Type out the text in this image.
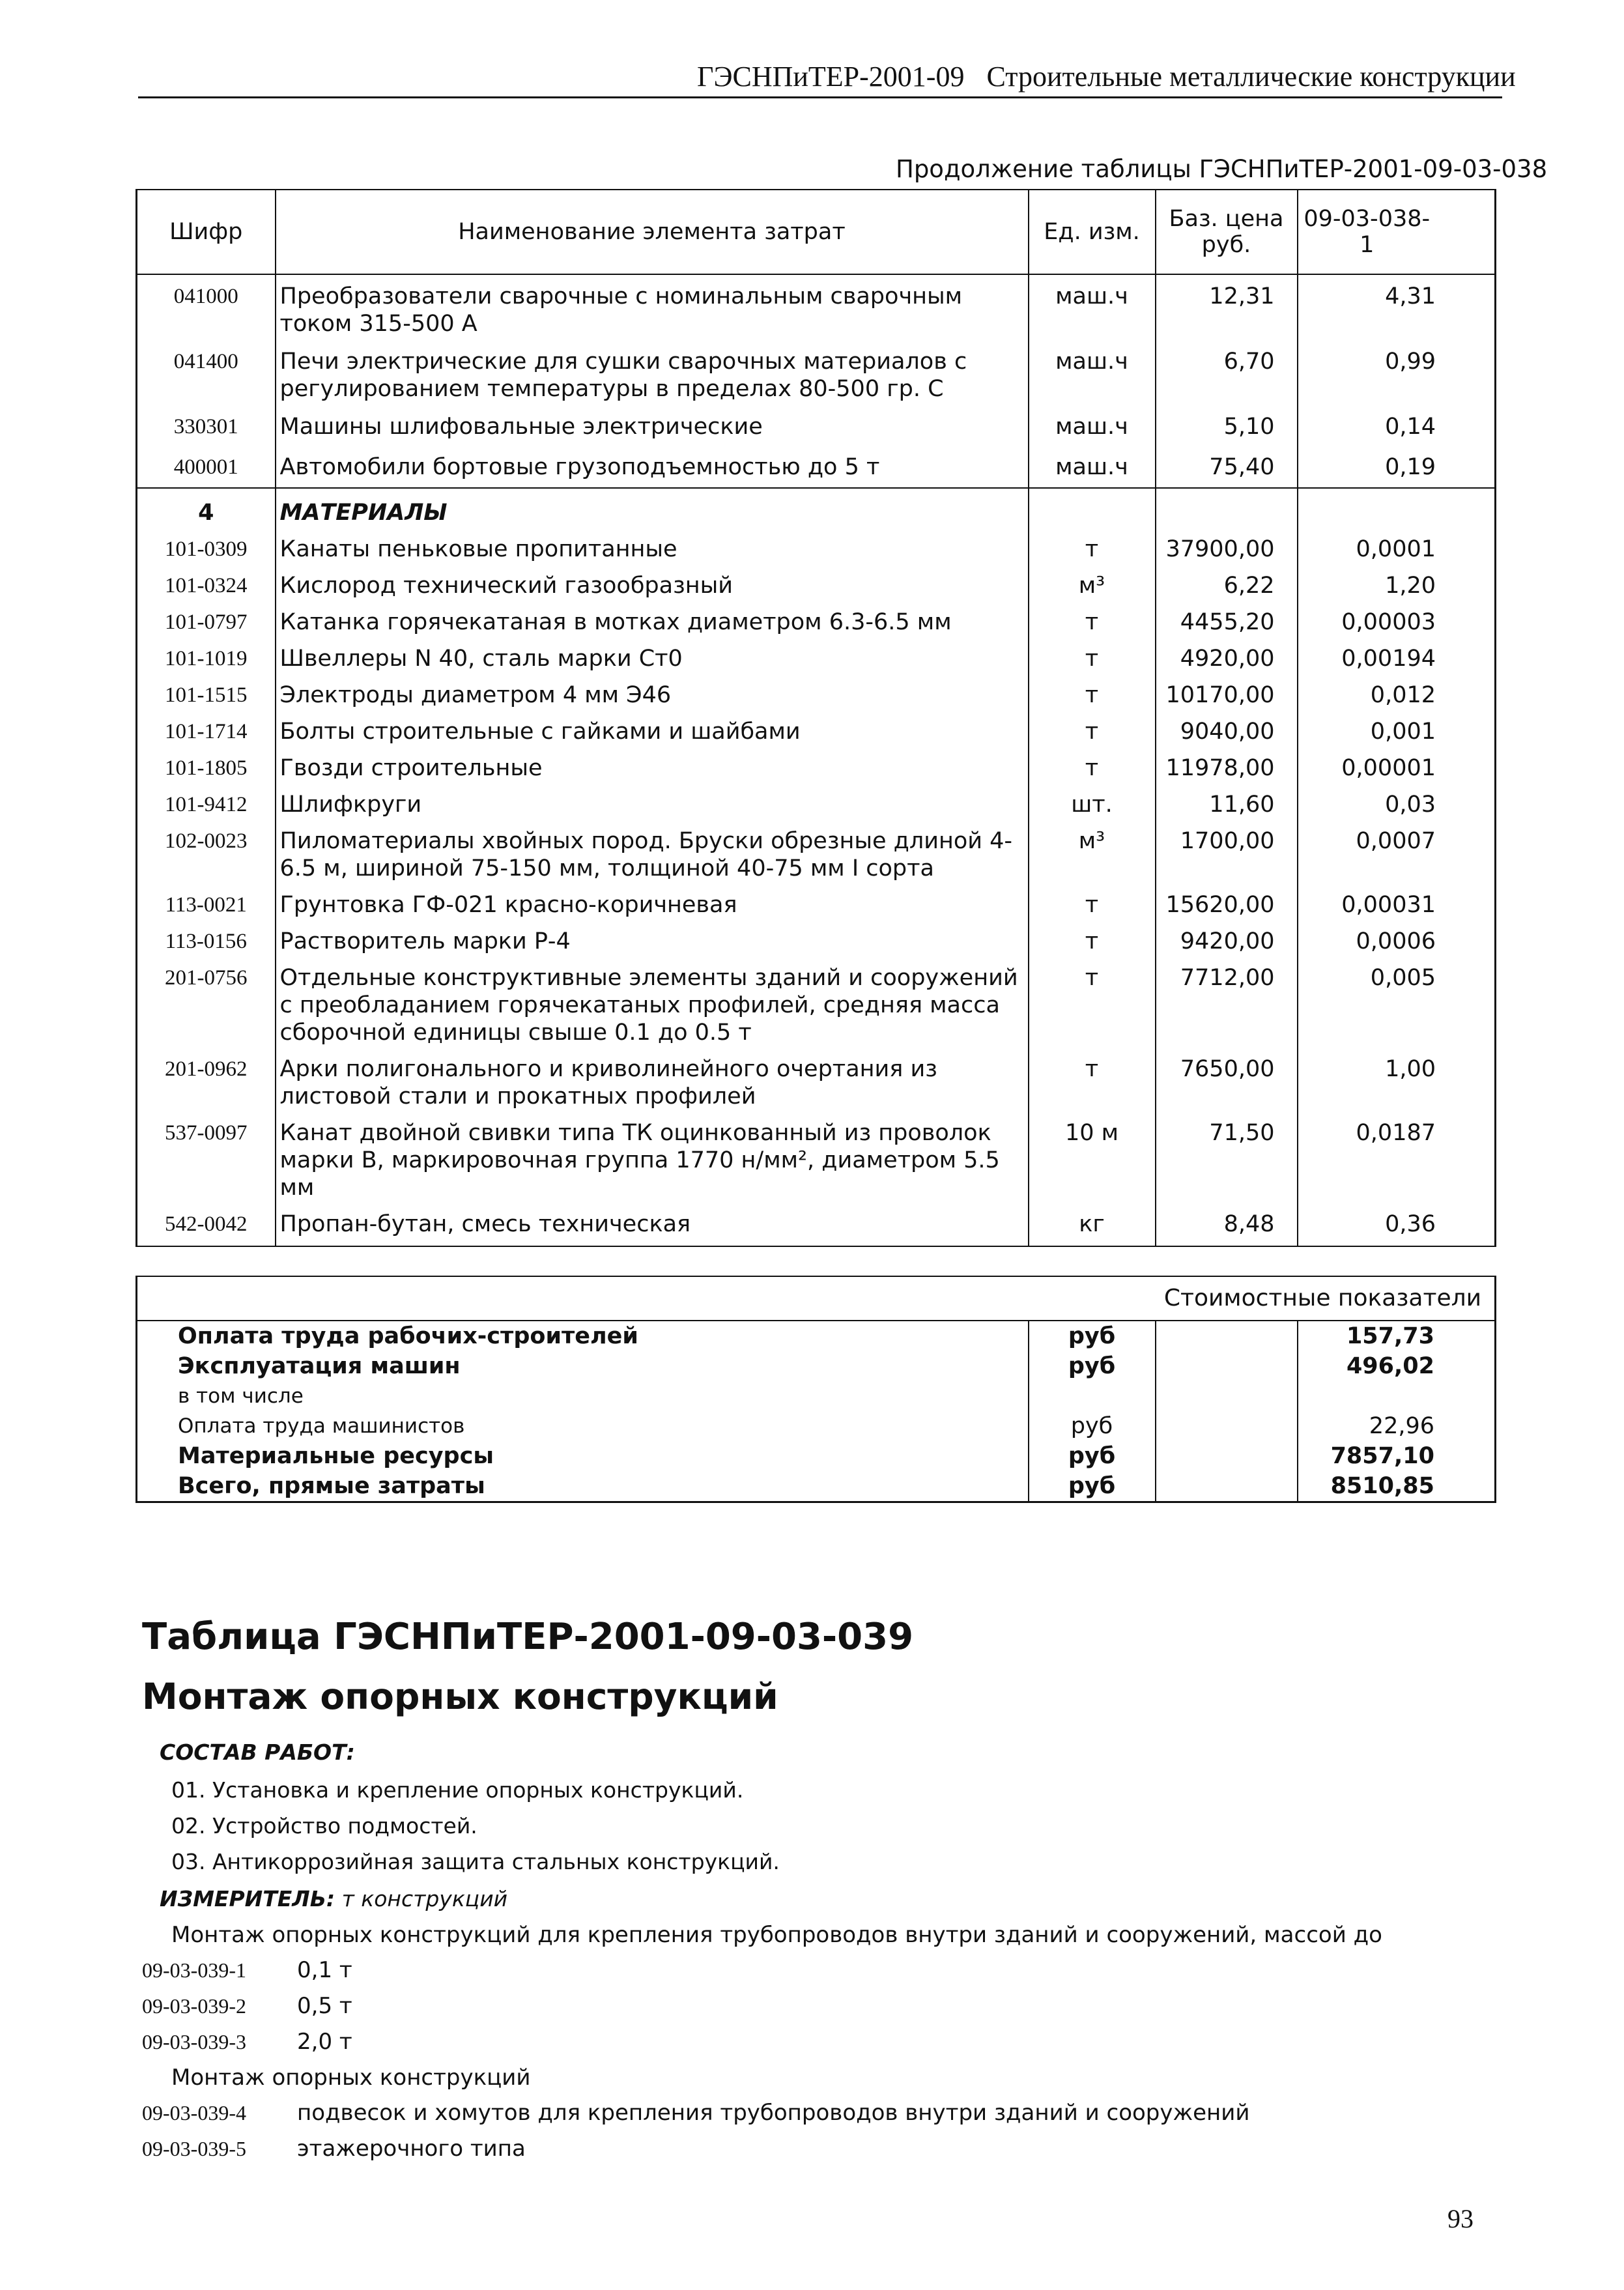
ГЭСНПиТЕР-2001-09 Строительные металлические конструкции
Продолжение таблицы ГЭСНПиТЕР-2001-09-03-038
Шифр	Наименование элемента затрат	Ед. изм.	Баз. цена руб.	09-03-038-1
041000	Преобразователи сварочные с номинальным сварочным током 315-500 А	маш.ч	12,31	4,31
041400	Печи электрические для сушки сварочных материалов с регулированием температуры в пределах 80-500 гр. С	маш.ч	6,70	0,99
330301	Машины шлифовальные электрические	маш.ч	5,10	0,14
400001	Автомобили бортовые грузоподъемностью до 5 т	маш.ч	75,40	0,19
4	МАТЕРИАЛЫ			
101-0309	Канаты пеньковые пропитанные	т	37900,00	0,0001
101-0324	Кислород технический газообразный	м³	6,22	1,20
101-0797	Катанка горячекатаная в мотках диаметром 6.3-6.5 мм	т	4455,20	0,00003
101-1019	Швеллеры N 40, сталь марки Ст0	т	4920,00	0,00194
101-1515	Электроды диаметром 4 мм Э46	т	10170,00	0,012
101-1714	Болты строительные с гайками и шайбами	т	9040,00	0,001
101-1805	Гвозди строительные	т	11978,00	0,00001
101-9412	Шлифкруги	шт.	11,60	0,03
102-0023	Пиломатериалы хвойных пород. Бруски обрезные длиной 4-6.5 м, шириной 75-150 мм, толщиной 40-75 мм I сорта	м³	1700,00	0,0007
113-0021	Грунтовка ГФ-021 красно-коричневая	т	15620,00	0,00031
113-0156	Растворитель марки Р-4	т	9420,00	0,0006
201-0756	Отдельные конструктивные элементы зданий и сооружений с преобладанием горячекатаных профилей, средняя масса сборочной единицы свыше 0.1 до 0.5 т	т	7712,00	0,005
201-0962	Арки полигонального и криволинейного очертания из листовой стали и прокатных профилей	т	7650,00	1,00
537-0097	Канат двойной свивки типа ТК оцинкованный из проволок марки В, маркировочная группа 1770 н/мм², диаметром 5.5 мм	10 м	71,50	0,0187
542-0042	Пропан-бутан, смесь техническая	кг	8,48	0,36
Стоимостные показатели			
Оплата труда рабочих-строителей	руб		157,73
Эксплуатация машин	руб		496,02
в том числе			
Оплата труда машинистов	руб		22,96
Материальные ресурсы	руб		7857,10
Всего, прямые затраты	руб		8510,85
Таблица ГЭСНПиТЕР-2001-09-03-039
Монтаж опорных конструкций
СОСТАВ РАБОТ:
01. Установка и крепление опорных конструкций.
02. Устройство подмостей.
03. Антикоррозийная защита стальных конструкций.
ИЗМЕРИТЕЛЬ: т конструкций
Монтаж опорных конструкций для крепления трубопроводов внутри зданий и сооружений, массой до
09-03-039-1 0,1 т
09-03-039-2 0,5 т
09-03-039-3 2,0 т
Монтаж опорных конструкций
09-03-039-4 подвесок и хомутов для крепления трубопроводов внутри зданий и сооружений
09-03-039-5 этажерочного типа
93
